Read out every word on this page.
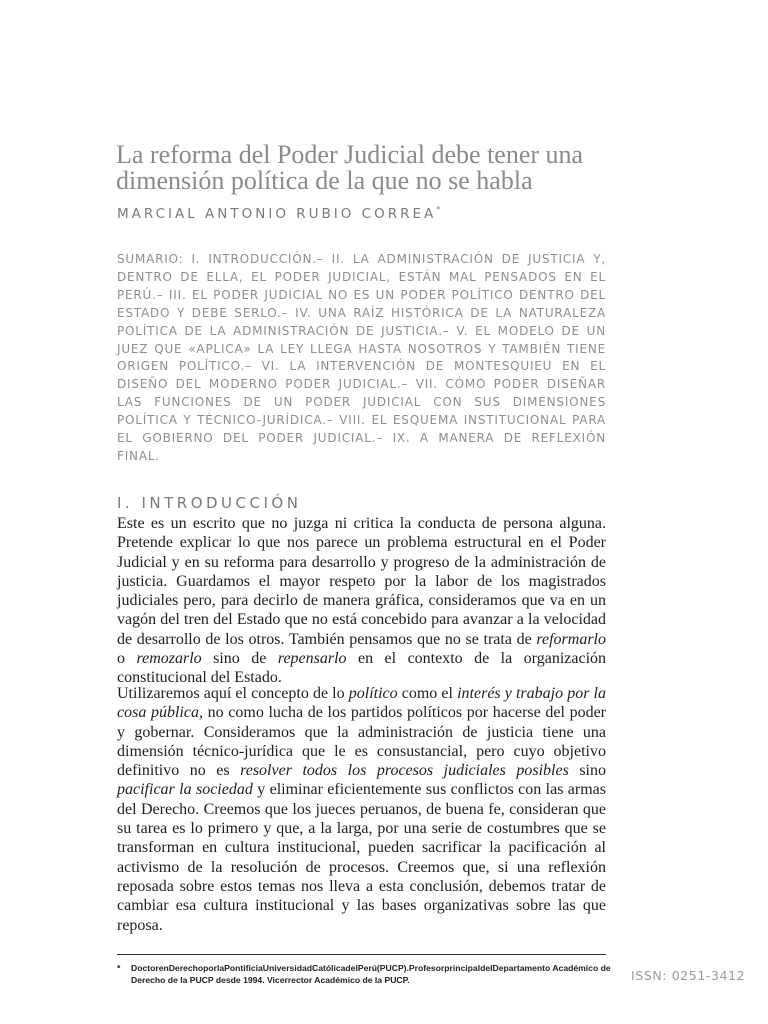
La reforma del Poder Judicial debe tener una dimensión política de la que no se habla
MARCIAL ANTONIO RUBIO CORREA*

SUMARIO: I. INTRODUCCIÓN.– II. LA ADMINISTRACIÓN DE JUSTICIA Y, DENTRO DE ELLA, EL PODER JUDICIAL, ESTÁN MAL PENSADOS EN EL PERÚ.– III. EL PODER JUDICIAL NO ES UN PODER POLÍTICO DENTRO DEL ESTADO Y DEBE SERLO.– IV. UNA RAÍZ HISTÓRICA DE LA NATURALEZA POLÍTICA DE LA ADMINISTRACIÓN DE JUSTICIA.– V. EL MODELO DE UN JUEZ QUE «APLICA» LA LEY LLEGA HASTA NOSOTROS Y TAMBIÉN TIENE ORIGEN POLÍTICO.– VI. LA INTERVENCIÓN DE MONTESQUIEU EN EL DISEÑO DEL MODERNO PODER JUDICIAL.– VII. CÓMO PODER DISEÑAR LAS FUNCIONES DE UN PODER JUDICIAL CON SUS DIMENSIONES POLÍTICA Y TÉCNICO-JURÍDICA.– VIII. EL ESQUEMA INSTITUCIONAL PARA EL GOBIERNO DEL PODER JUDICIAL.– IX. A MANERA DE REFLEXIÓN FINAL.

I. INTRODUCCIÓN

Este es un escrito que no juzga ni critica la conducta de persona alguna. Pretende explicar lo que nos parece un problema estructural en el Poder Judicial y en su reforma para desarrollo y progreso de la administración de justicia. Guardamos el mayor respeto por la labor de los magistrados judiciales pero, para decirlo de manera gráfica, consideramos que va en un vagón del tren del Estado que no está concebido para avanzar a la velocidad de desarrollo de los otros. También pensamos que no se trata de reformarlo o remozarlo sino de repensarlo en el contexto de la organización constitucional del Estado.

Utilizaremos aquí el concepto de lo político como el interés y trabajo por la cosa pública, no como lucha de los partidos políticos por hacerse del poder y gobernar. Consideramos que la administración de justicia tiene una dimensión técnico-jurídica que le es consustancial, pero cuyo objetivo definitivo no es resolver todos los procesos judiciales posibles sino pacificar la sociedad y eliminar eficientemente sus conflictos con las armas del Derecho. Creemos que los jueces peruanos, de buena fe, consideran que su tarea es lo primero y que, a la larga, por una serie de costumbres que se transforman en cultura institucional, pueden sacrificar la pacificación al activismo de la resolución de procesos. Creemos que, si una reflexión reposada sobre estos temas nos lleva a esta conclusión, debemos tratar de cambiar esa cultura institucional y las bases organizativas sobre las que reposa.

*	DoctorenDerechoporlaPontificiaUniversidadCatólicadelPerú(PUCP).ProfesorprincipaldelDepartamento Académico de Derecho de la PUCP desde 1994. Vicerrector Académico de la PUCP.	ISSN: 0251-3412
